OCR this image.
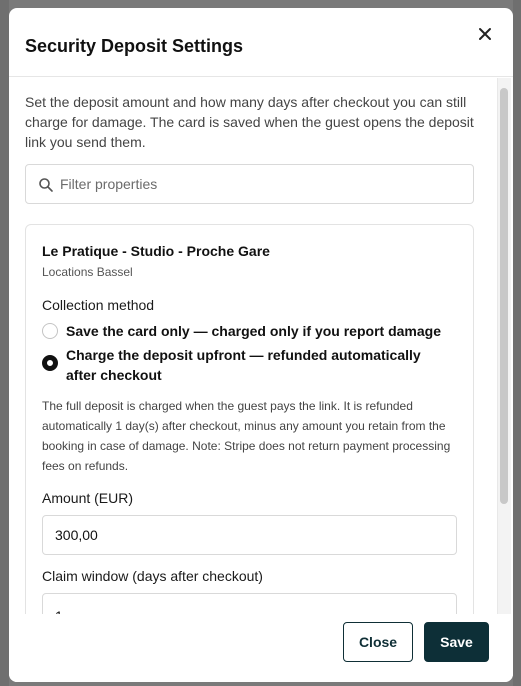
Security Deposit Settings

Set the deposit amount and how many days after checkout you can still charge for damage. The card is saved when the guest opens the deposit link you send them.

Filter properties
Le Pratique - Studio - Proche Gare
Locations Bassel
Collection method
Save the card only — charged only if you report damage
Charge the deposit upfront — refunded automatically after checkout

The full deposit is charged when the guest pays the link. It is refunded automatically 1 day(s) after checkout, minus any amount you retain from the booking in case of damage. Note: Stripe does not return payment processing fees on refunds.

Amount (EUR)
300,00
Claim window (days after checkout)
1
Close	Save
